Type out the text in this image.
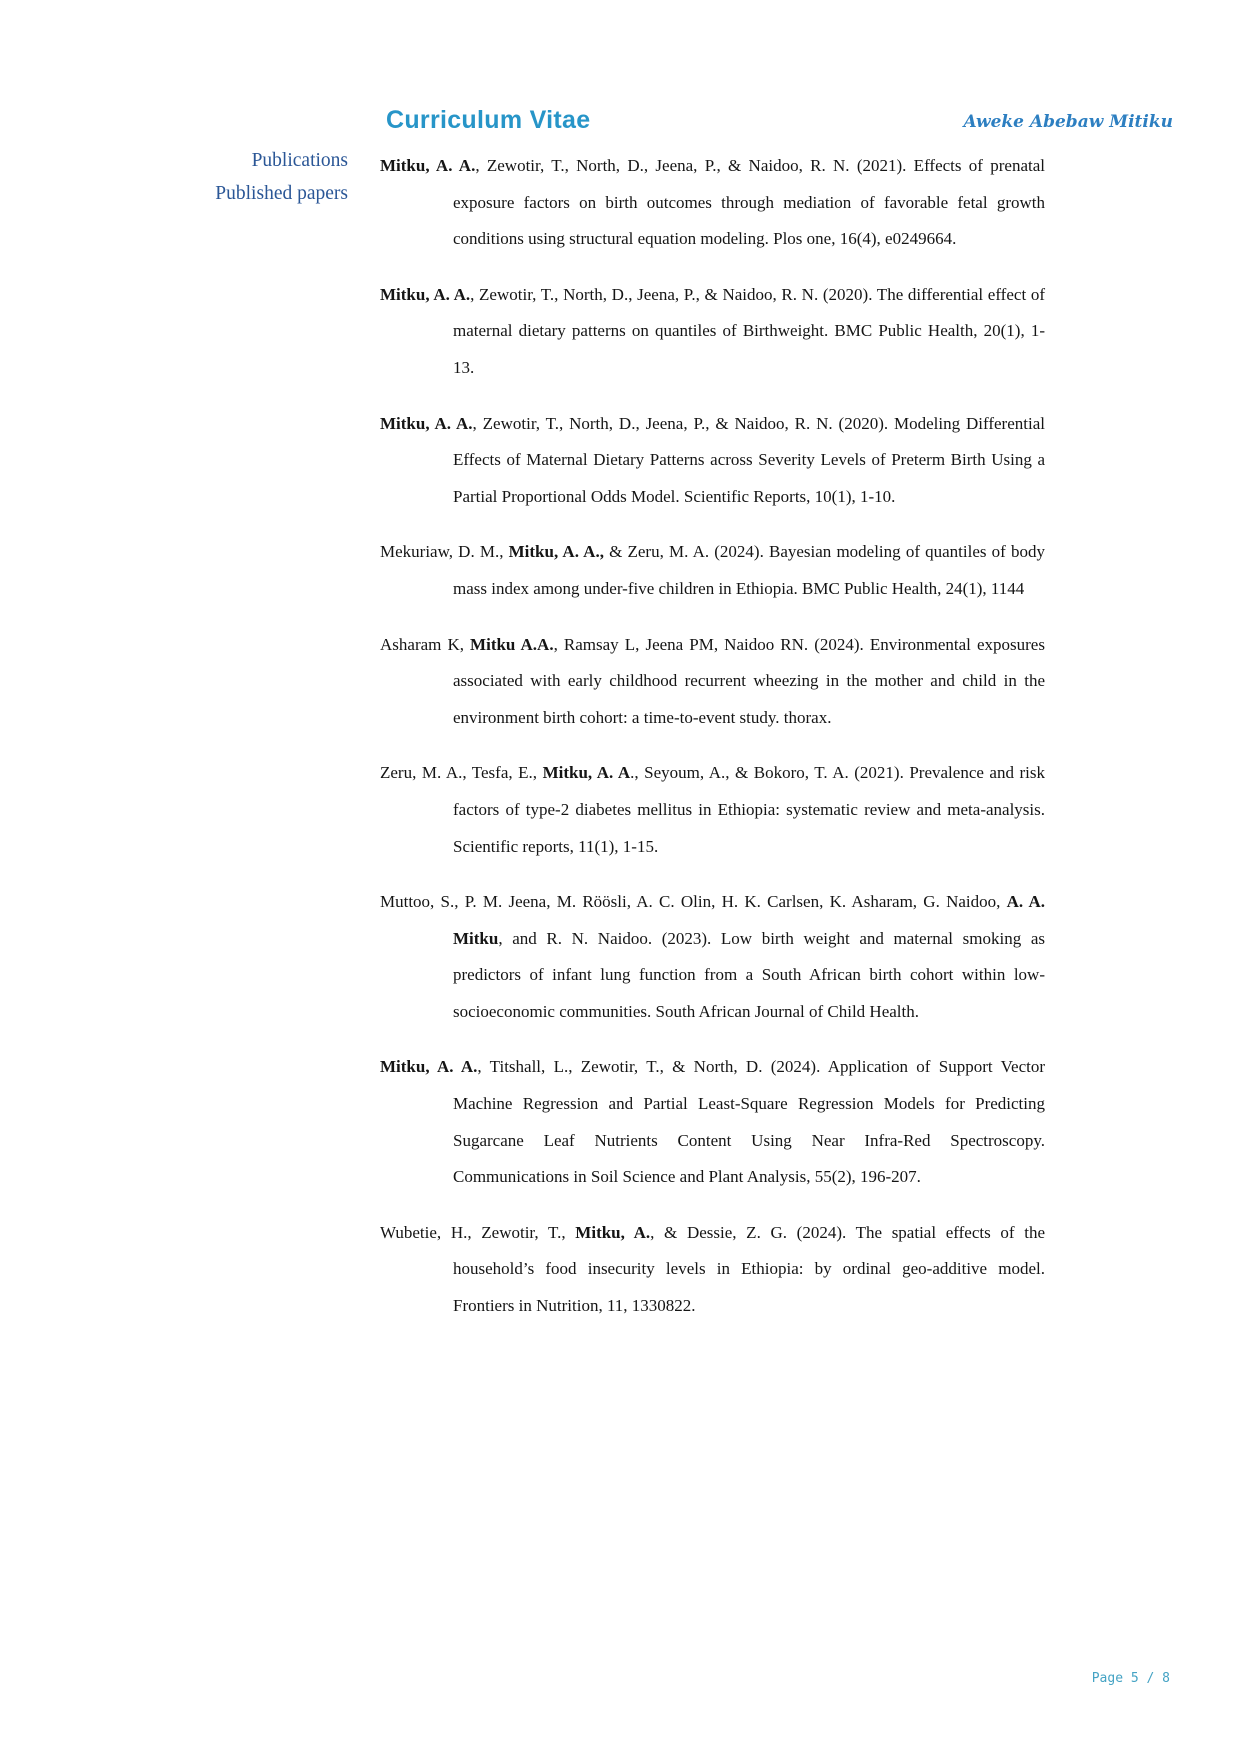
Curriculum Vitae	Aweke Abebaw Mitiku
Publications
Published papers

Mitku, A. A., Zewotir, T., North, D., Jeena, P., & Naidoo, R. N. (2021). Effects of prenatal exposure factors on birth outcomes through mediation of favorable fetal growth conditions using structural equation modeling. Plos one, 16(4), e0249664.

Mitku, A. A., Zewotir, T., North, D., Jeena, P., & Naidoo, R. N. (2020). The differential effect of maternal dietary patterns on quantiles of Birthweight. BMC Public Health, 20(1), 1-13.

Mitku, A. A., Zewotir, T., North, D., Jeena, P., & Naidoo, R. N. (2020). Modeling Differential Effects of Maternal Dietary Patterns across Severity Levels of Preterm Birth Using a Partial Proportional Odds Model. Scientific Reports, 10(1), 1-10.

Mekuriaw, D. M., Mitku, A. A., & Zeru, M. A. (2024). Bayesian modeling of quantiles of body mass index among under-five children in Ethiopia. BMC Public Health, 24(1), 1144

Asharam K, Mitku A.A., Ramsay L, Jeena PM, Naidoo RN. (2024). Environmental exposures associated with early childhood recurrent wheezing in the mother and child in the environment birth cohort: a time-to-event study. thorax.

Zeru, M. A., Tesfa, E., Mitku, A. A., Seyoum, A., & Bokoro, T. A. (2021). Prevalence and risk factors of type-2 diabetes mellitus in Ethiopia: systematic review and meta-analysis. Scientific reports, 11(1), 1-15.

Muttoo, S., P. M. Jeena, M. Röösli, A. C. Olin, H. K. Carlsen, K. Asharam, G. Naidoo, A. A. Mitku, and R. N. Naidoo. (2023). Low birth weight and maternal smoking as predictors of infant lung function from a South African birth cohort within low-socioeconomic communities. South African Journal of Child Health.

Mitku, A. A., Titshall, L., Zewotir, T., & North, D. (2024). Application of Support Vector Machine Regression and Partial Least-Square Regression Models for Predicting Sugarcane Leaf Nutrients Content Using Near Infra-Red Spectroscopy. Communications in Soil Science and Plant Analysis, 55(2), 196-207.

Wubetie, H., Zewotir, T., Mitku, A., & Dessie, Z. G. (2024). The spatial effects of the household’s food insecurity levels in Ethiopia: by ordinal geo-additive model. Frontiers in Nutrition, 11, 1330822.

Page 5 / 8
